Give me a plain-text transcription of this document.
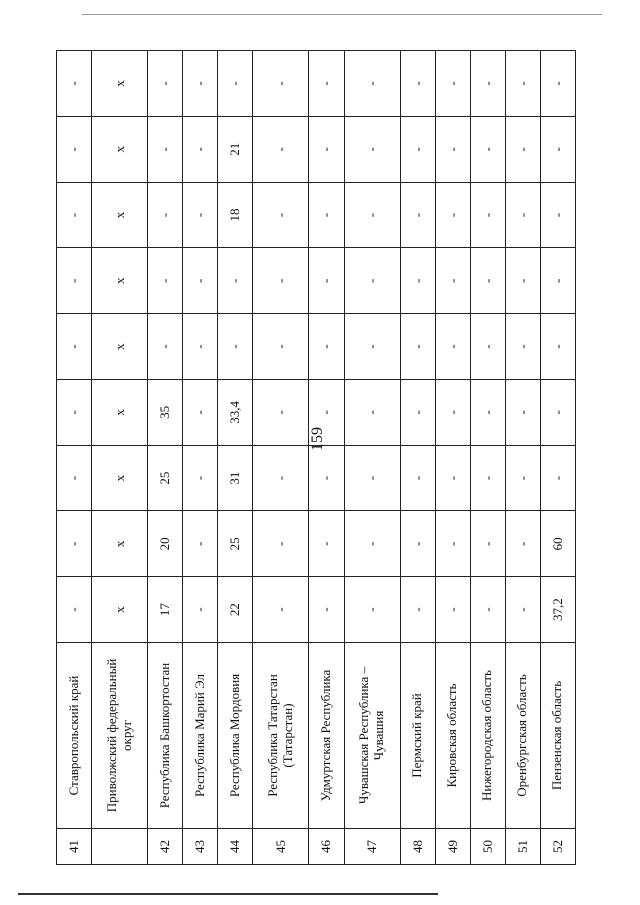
159
41	Ставропольский край	-	-	-	-	-	-	-	-	-
	Приволжский федеральный округ	х	х	х	х	х	х	х	х	х
42	Республика Башкортостан	17	20	25	35	-	-	-	-	-
43	Республика Марий Эл	-	-	-	-	-	-	-	-	-
44	Республика Мордовия	22	25	31	33,4	-	-	18	21	-
45	Республика Татарстан (Татарстан)	-	-	-	-	-	-	-	-	-
46	Удмуртская Республика	-	-	-	-	-	-	-	-	-
47	Чувашская Республика – Чувашия	-	-	-	-	-	-	-	-	-
48	Пермский край	-	-	-	-	-	-	-	-	-
49	Кировская область	-	-	-	-	-	-	-	-	-
50	Нижегородская область	-	-	-	-	-	-	-	-	-
51	Оренбургская область	-	-	-	-	-	-	-	-	-
52	Пензенская область	37,2	60	-	-	-	-	-	-	-
